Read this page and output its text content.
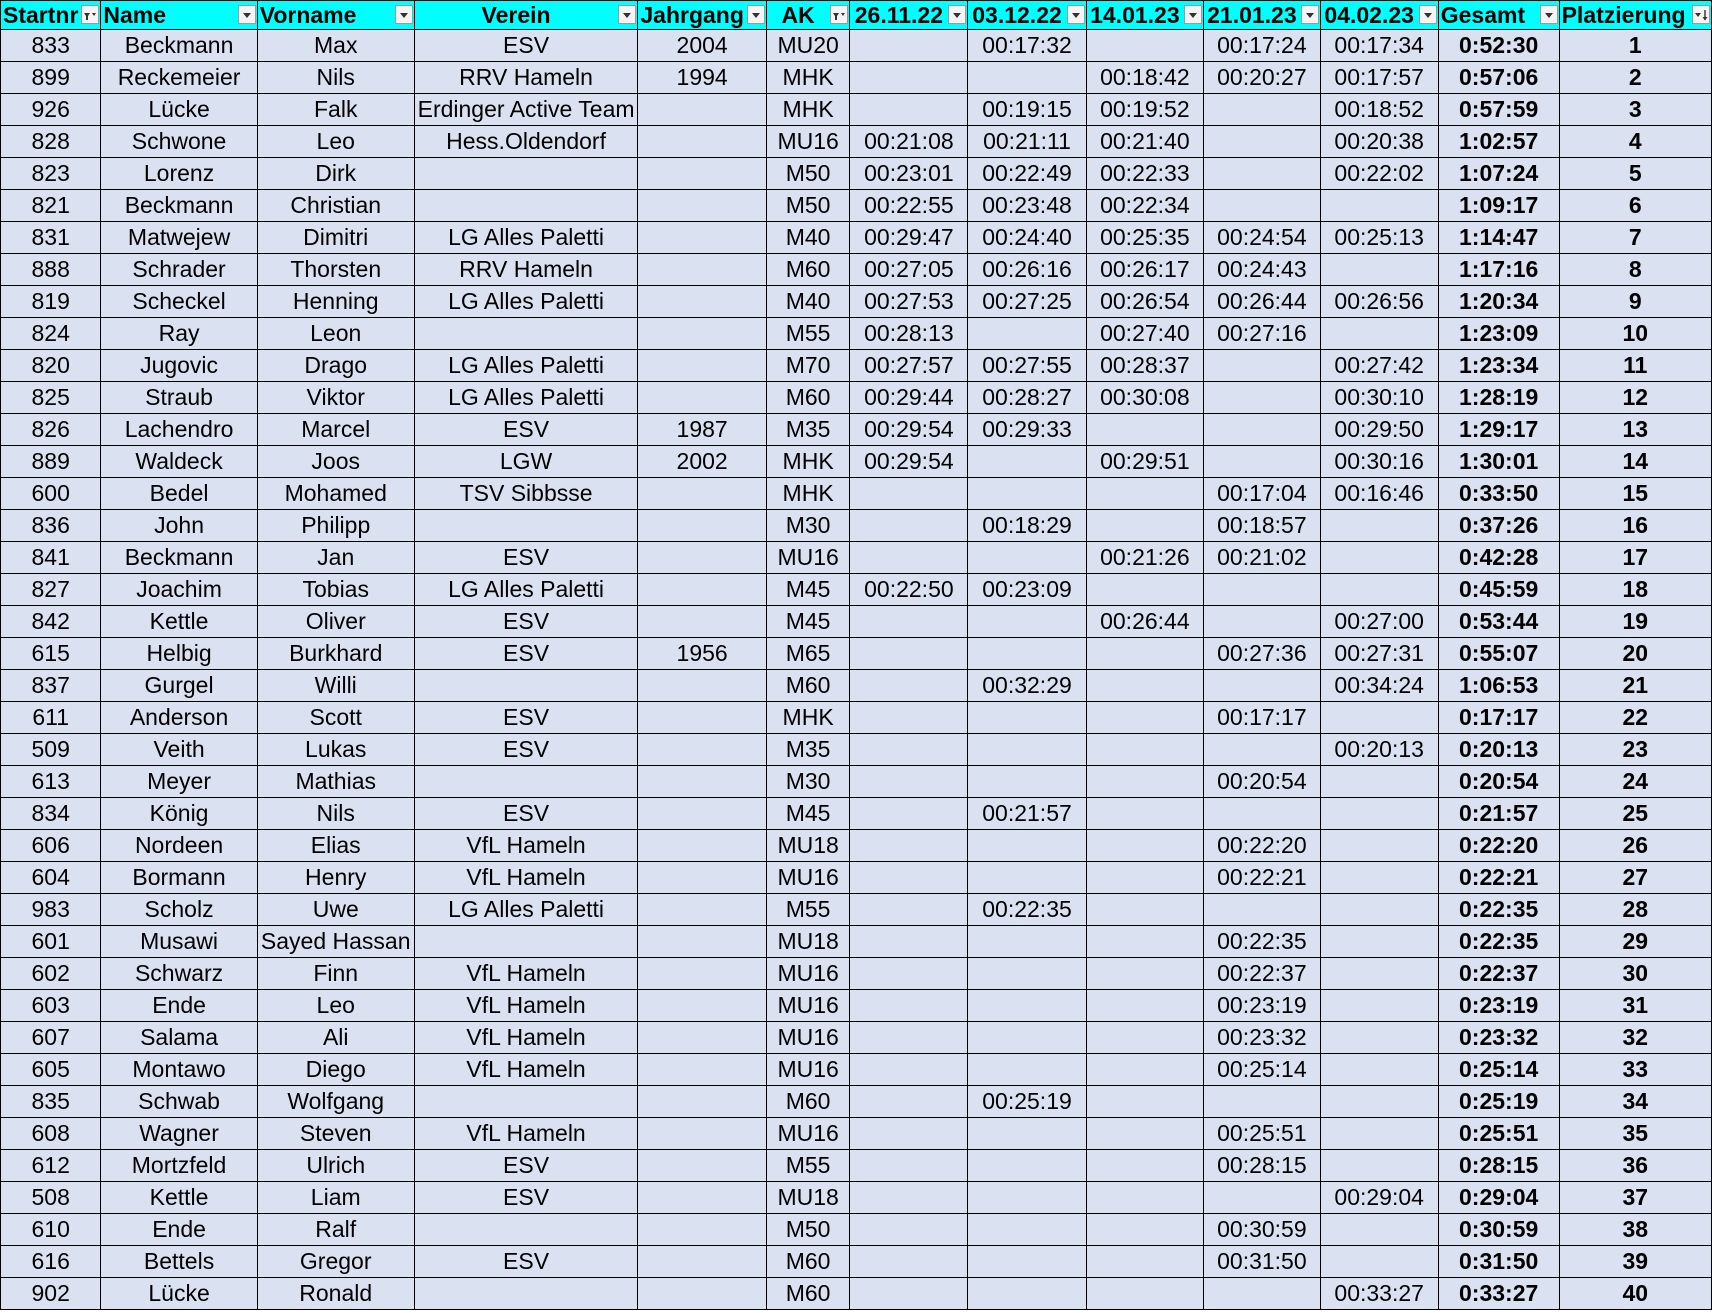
Startnr	Name	Vorname	Verein	Jahrgang	AK	26.11.22	03.12.22	14.01.23	21.01.23	04.02.23	Gesamt	Platzierung

833	Beckmann	Max	ESV	2004	MU20		00:17:32		00:17:24	00:17:34	0:52:30	1
899	Reckemeier	Nils	RRV Hameln	1994	MHK			00:18:42	00:20:27	00:17:57	0:57:06	2
926	Lücke	Falk	Erdinger Active Team		MHK		00:19:15	00:19:52		00:18:52	0:57:59	3
828	Schwone	Leo	Hess.Oldendorf		MU16	00:21:08	00:21:11	00:21:40		00:20:38	1:02:57	4
823	Lorenz	Dirk			M50	00:23:01	00:22:49	00:22:33		00:22:02	1:07:24	5
821	Beckmann	Christian			M50	00:22:55	00:23:48	00:22:34			1:09:17	6
831	Matwejew	Dimitri	LG Alles Paletti		M40	00:29:47	00:24:40	00:25:35	00:24:54	00:25:13	1:14:47	7
888	Schrader	Thorsten	RRV Hameln		M60	00:27:05	00:26:16	00:26:17	00:24:43		1:17:16	8
819	Scheckel	Henning	LG Alles Paletti		M40	00:27:53	00:27:25	00:26:54	00:26:44	00:26:56	1:20:34	9
824	Ray	Leon			M55	00:28:13		00:27:40	00:27:16		1:23:09	10
820	Jugovic	Drago	LG Alles Paletti		M70	00:27:57	00:27:55	00:28:37		00:27:42	1:23:34	11
825	Straub	Viktor	LG Alles Paletti		M60	00:29:44	00:28:27	00:30:08		00:30:10	1:28:19	12
826	Lachendro	Marcel	ESV	1987	M35	00:29:54	00:29:33			00:29:50	1:29:17	13
889	Waldeck	Joos	LGW	2002	MHK	00:29:54		00:29:51		00:30:16	1:30:01	14
600	Bedel	Mohamed	TSV Sibbsse		MHK				00:17:04	00:16:46	0:33:50	15
836	John	Philipp			M30		00:18:29		00:18:57		0:37:26	16
841	Beckmann	Jan	ESV		MU16			00:21:26	00:21:02		0:42:28	17
827	Joachim	Tobias	LG Alles Paletti		M45	00:22:50	00:23:09				0:45:59	18
842	Kettle	Oliver	ESV		M45			00:26:44		00:27:00	0:53:44	19
615	Helbig	Burkhard	ESV	1956	M65				00:27:36	00:27:31	0:55:07	20
837	Gurgel	Willi			M60		00:32:29			00:34:24	1:06:53	21
611	Anderson	Scott	ESV		MHK				00:17:17		0:17:17	22
509	Veith	Lukas	ESV		M35					00:20:13	0:20:13	23
613	Meyer	Mathias			M30				00:20:54		0:20:54	24
834	König	Nils	ESV		M45		00:21:57				0:21:57	25
606	Nordeen	Elias	VfL Hameln		MU18				00:22:20		0:22:20	26
604	Bormann	Henry	VfL Hameln		MU16				00:22:21		0:22:21	27
983	Scholz	Uwe	LG Alles Paletti		M55		00:22:35				0:22:35	28
601	Musawi	Sayed Hassan			MU18				00:22:35		0:22:35	29
602	Schwarz	Finn	VfL Hameln		MU16				00:22:37		0:22:37	30
603	Ende	Leo	VfL Hameln		MU16				00:23:19		0:23:19	31
607	Salama	Ali	VfL Hameln		MU16				00:23:32		0:23:32	32
605	Montawo	Diego	VfL Hameln		MU16				00:25:14		0:25:14	33
835	Schwab	Wolfgang			M60		00:25:19				0:25:19	34
608	Wagner	Steven	VfL Hameln		MU16				00:25:51		0:25:51	35
612	Mortzfeld	Ulrich	ESV		M55				00:28:15		0:28:15	36
508	Kettle	Liam	ESV		MU18					00:29:04	0:29:04	37
610	Ende	Ralf			M50				00:30:59		0:30:59	38
616	Bettels	Gregor	ESV		M60				00:31:50		0:31:50	39
902	Lücke	Ronald			M60					00:33:27	0:33:27	40
